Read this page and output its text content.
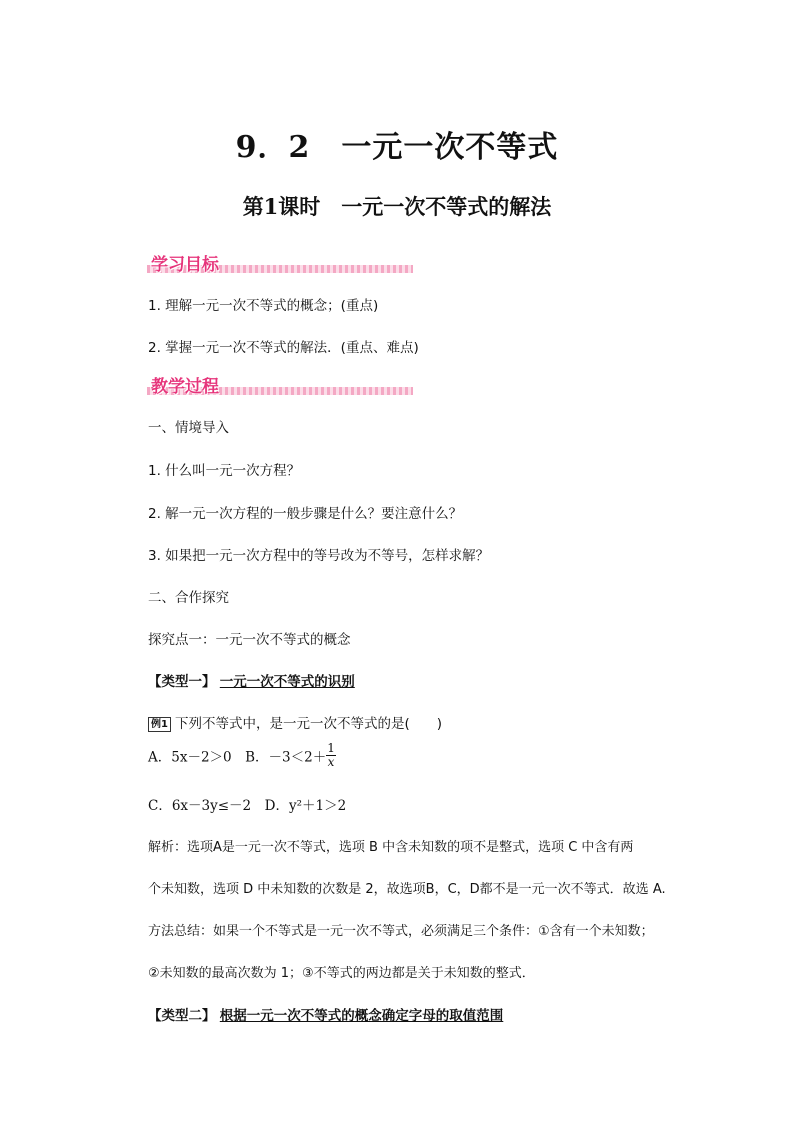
9．2　一元一次不等式
第1课时　一元一次不等式的解法
学习目标
1. 理解一元一次不等式的概念；(重点)
2. 掌握一元一次不等式的解法．(重点、难点)
教学过程
一、情境导入
1. 什么叫一元一次方程？
2. 解一元一次方程的一般步骤是什么？要注意什么？
3. 如果把一元一次方程中的等号改为不等号，怎样求解？
二、合作探究
探究点一：一元一次不等式的概念
【类型一】 一元一次不等式的识别
例1 下列不等式中，是一元一次不等式的是(　　)
A．5x－2＞0　B．$-3<2+ \frac{1}{x}$
C．6x－3y≤－2　D．y²＋1＞2
解析：选项A是一元一次不等式，选项 B 中含未知数的项不是整式，选项 C 中含有两
个未知数，选项 D 中未知数的次数是 2，故选项B，C，D都不是一元一次不等式．故选 A.
方法总结：如果一个不等式是一元一次不等式，必须满足三个条件：①含有一个未知数；
②未知数的最高次数为 1；③不等式的两边都是关于未知数的整式．
【类型二】 根据一元一次不等式的概念确定字母的取值范围
